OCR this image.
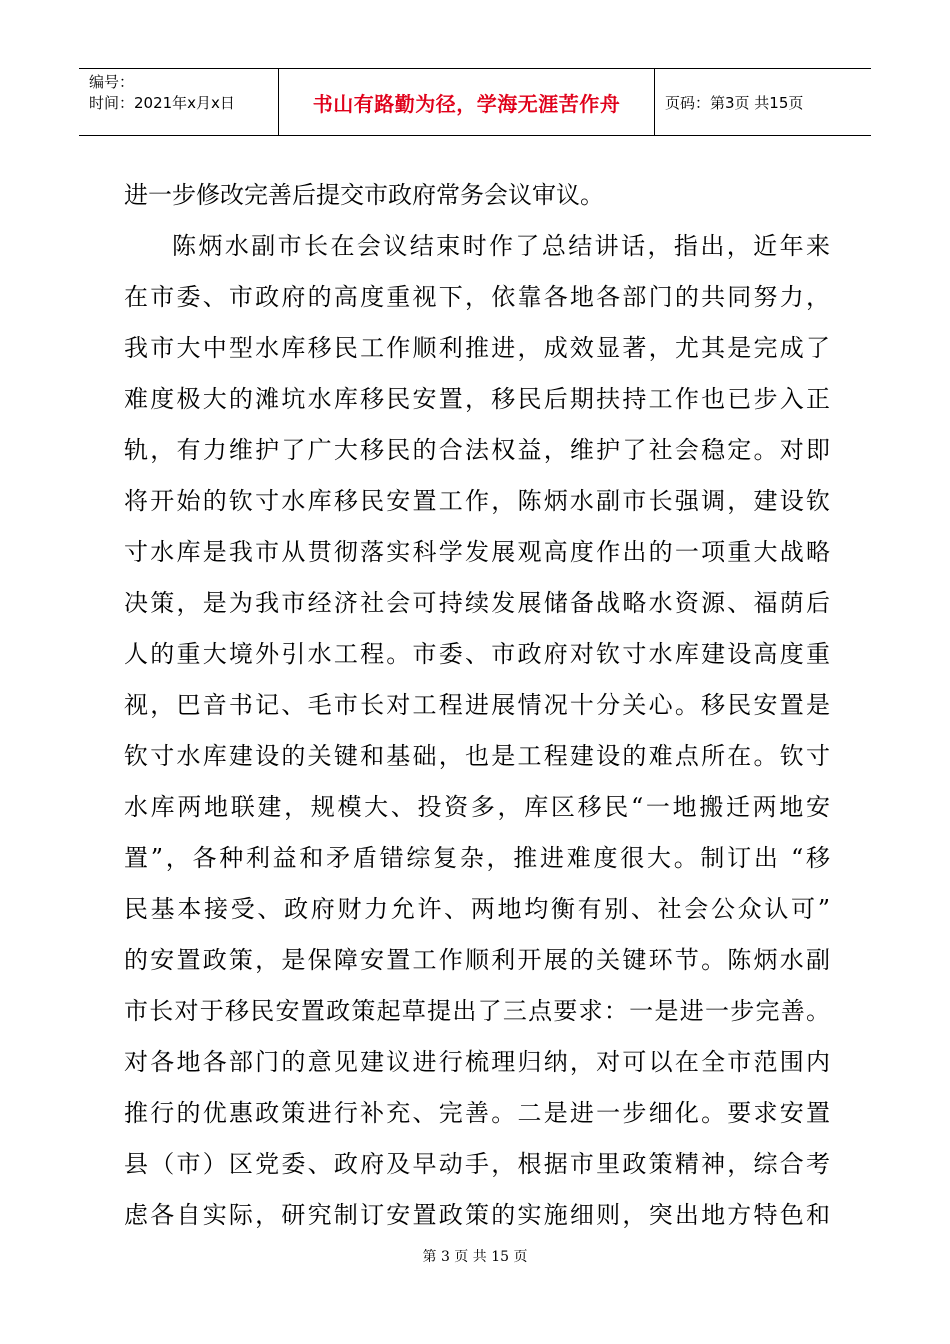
编号：
时间：2021年x月x日	书山有路勤为径，学海无涯苦作舟	页码：第3页 共15页
进一步修改完善后提交市政府常务会议审议。
陈炳水副市长在会议结束时作了总结讲话，指出，近年来
在市委、市政府的高度重视下，依靠各地各部门的共同努力，
我市大中型水库移民工作顺利推进，成效显著，尤其是完成了
难度极大的滩坑水库移民安置，移民后期扶持工作也已步入正
轨，有力维护了广大移民的合法权益，维护了社会稳定。对即
将开始的钦寸水库移民安置工作，陈炳水副市长强调，建设钦
寸水库是我市从贯彻落实科学发展观高度作出的一项重大战略
决策，是为我市经济社会可持续发展储备战略水资源、福荫后
人的重大境外引水工程。市委、市政府对钦寸水库建设高度重
视，巴音书记、毛市长对工程进展情况十分关心。移民安置是
钦寸水库建设的关键和基础，也是工程建设的难点所在。钦寸
水库两地联建，规模大、投资多，库区移民“一地搬迁两地安
置”，各种利益和矛盾错综复杂，推进难度很大。制订出 “移
民基本接受、政府财力允许、两地均衡有别、社会公众认可”
的安置政策，是保障安置工作顺利开展的关键环节。陈炳水副
市长对于移民安置政策起草提出了三点要求：一是进一步完善。
对各地各部门的意见建议进行梳理归纳，对可以在全市范围内
推行的优惠政策进行补充、完善。二是进一步细化。要求安置
县（市）区党委、政府及早动手，根据市里政策精神，综合考
虑各自实际，研究制订安置政策的实施细则，突出地方特色和
第 3 页 共 15 页
